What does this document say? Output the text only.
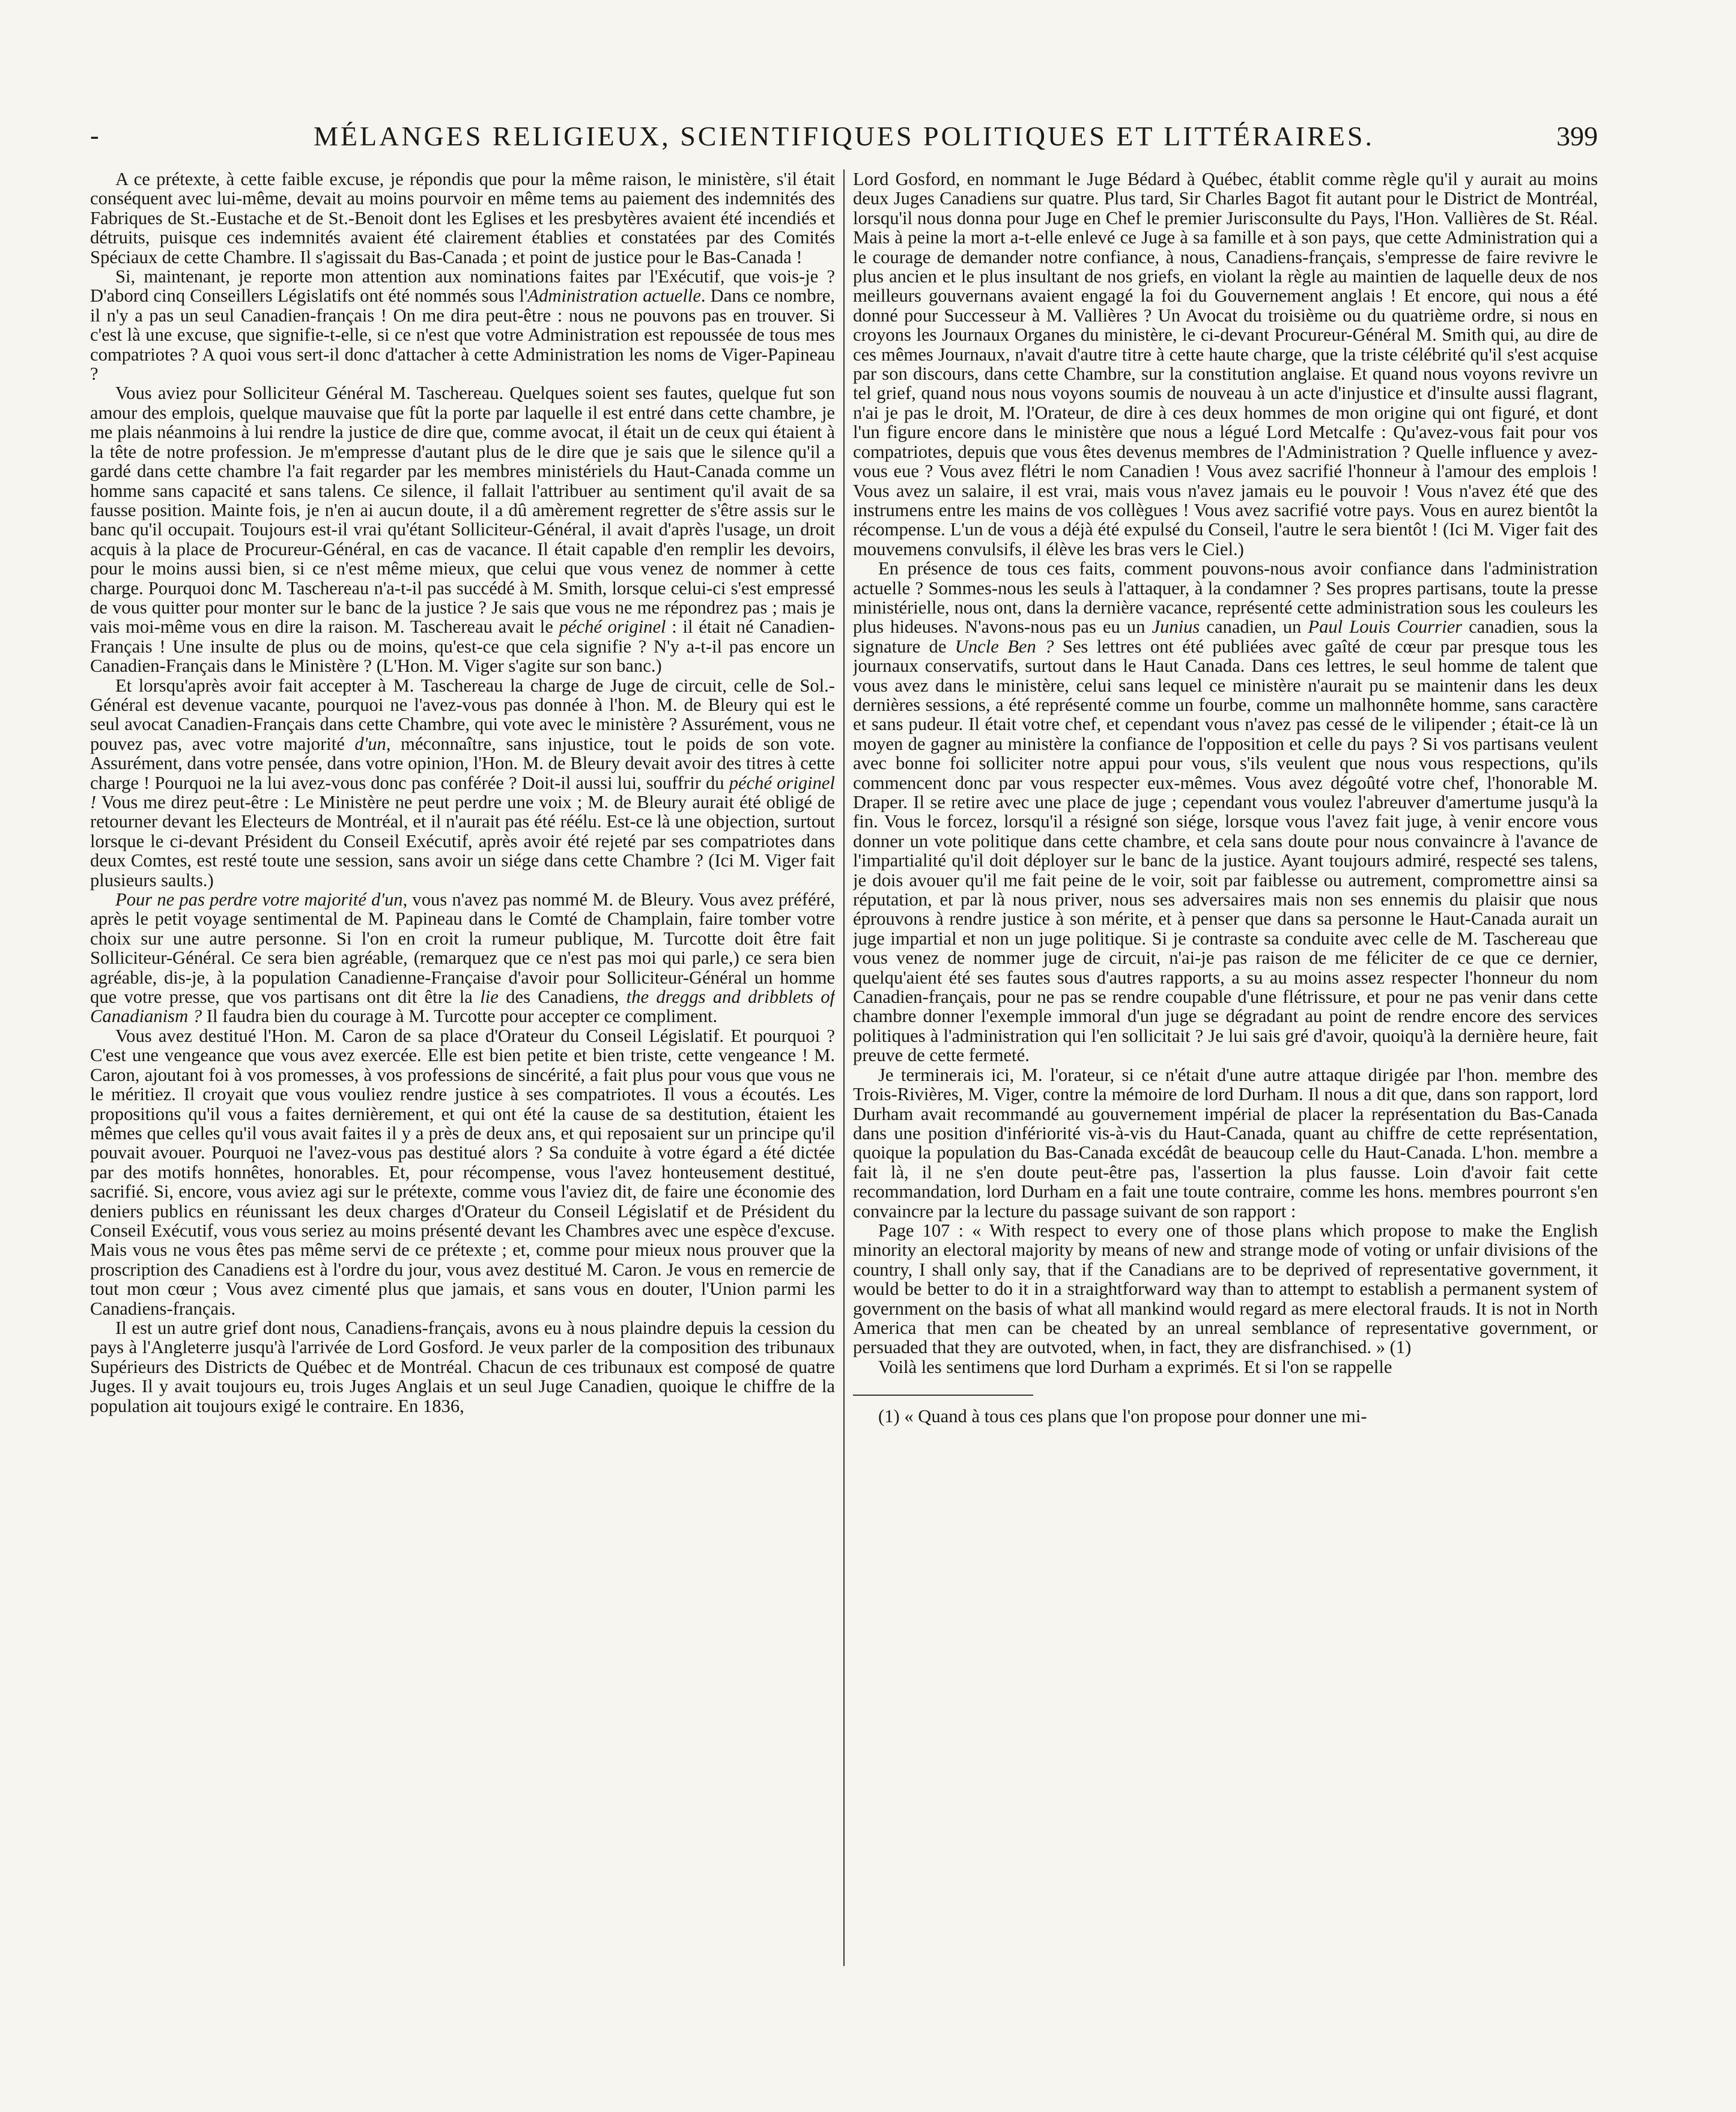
-	MÉLANGES RELIGIEUX, SCIENTIFIQUES POLITIQUES ET LITTÉRAIRES.	399

A ce prétexte, à cette faible excuse, je répondis que pour la même raison, le ministère, s'il était conséquent avec lui-même, devait au moins pourvoir en même tems au paiement des indemnités des Fabriques de St.-Eustache et de St.-Benoit dont les Eglises et les presbytères avaient été incendiés et détruits, puisque ces indemnités avaient été clairement établies et constatées par des Comités Spéciaux de cette Chambre. Il s'agissait du Bas-Canada ; et point de justice pour le Bas-Canada !

Si, maintenant, je reporte mon attention aux nominations faites par l'Exécutif, que vois-je ? D'abord cinq Conseillers Législatifs ont été nommés sous l'Administration actuelle. Dans ce nombre, il n'y a pas un seul Canadien-français ! On me dira peut-être : nous ne pouvons pas en trouver. Si c'est là une excuse, que signifie-t-elle, si ce n'est que votre Administration est repoussée de tous mes compatriotes ? A quoi vous sert-il donc d'attacher à cette Administration les noms de Viger-Papineau ?

Vous aviez pour Solliciteur Général M. Taschereau. Quelques soient ses fautes, quelque fut son amour des emplois, quelque mauvaise que fût la porte par laquelle il est entré dans cette chambre, je me plais néanmoins à lui rendre la justice de dire que, comme avocat, il était un de ceux qui étaient à la tête de notre profession. Je m'empresse d'autant plus de le dire que je sais que le silence qu'il a gardé dans cette chambre l'a fait regarder par les membres ministériels du Haut-Canada comme un homme sans capacité et sans talens. Ce silence, il fallait l'attribuer au sentiment qu'il avait de sa fausse position. Mainte fois, je n'en ai aucun doute, il a dû amèrement regretter de s'être assis sur le banc qu'il occupait. Toujours est-il vrai qu'étant Solliciteur-Général, il avait d'après l'usage, un droit acquis à la place de Procureur-Général, en cas de vacance. Il était capable d'en remplir les devoirs, pour le moins aussi bien, si ce n'est même mieux, que celui que vous venez de nommer à cette charge. Pourquoi donc M. Taschereau n'a-t-il pas succédé à M. Smith, lorsque celui-ci s'est empressé de vous quitter pour monter sur le banc de la justice ? Je sais que vous ne me répondrez pas ; mais je vais moi-même vous en dire la raison. M. Taschereau avait le péché originel : il était né Canadien-Français ! Une insulte de plus ou de moins, qu'est-ce que cela signifie ? N'y a-t-il pas encore un Canadien-Français dans le Ministère ? (L'Hon. M. Viger s'agite sur son banc.)

Et lorsqu'après avoir fait accepter à M. Taschereau la charge de Juge de circuit, celle de Sol.-Général est devenue vacante, pourquoi ne l'avez-vous pas donnée à l'hon. M. de Bleury qui est le seul avocat Canadien-Français dans cette Chambre, qui vote avec le ministère ? Assurément, vous ne pouvez pas, avec votre majorité d'un, méconnaître, sans injustice, tout le poids de son vote. Assurément, dans votre pensée, dans votre opinion, l'Hon. M. de Bleury devait avoir des titres à cette charge ! Pourquoi ne la lui avez-vous donc pas conférée ? Doit-il aussi lui, souffrir du péché originel ! Vous me direz peut-être : Le Ministère ne peut perdre une voix ; M. de Bleury aurait été obligé de retourner devant les Electeurs de Montréal, et il n'aurait pas été réélu. Est-ce là une objection, surtout lorsque le ci-devant Président du Conseil Exécutif, après avoir été rejeté par ses compatriotes dans deux Comtes, est resté toute une session, sans avoir un siége dans cette Chambre ? (Ici M. Viger fait plusieurs saults.)

Pour ne pas perdre votre majorité d'un, vous n'avez pas nommé M. de Bleury. Vous avez préféré, après le petit voyage sentimental de M. Papineau dans le Comté de Champlain, faire tomber votre choix sur une autre personne. Si l'on en croit la rumeur publique, M. Turcotte doit être fait Solliciteur-Général. Ce sera bien agréable, (remarquez que ce n'est pas moi qui parle,) ce sera bien agréable, dis-je, à la population Canadienne-Française d'avoir pour Solliciteur-Général un homme que votre presse, que vos partisans ont dit être la lie des Canadiens, the dreggs and dribblets of Canadianism ? Il faudra bien du courage à M. Turcotte pour accepter ce compliment.

Vous avez destitué l'Hon. M. Caron de sa place d'Orateur du Conseil Législatif. Et pourquoi ? C'est une vengeance que vous avez exercée. Elle est bien petite et bien triste, cette vengeance ! M. Caron, ajoutant foi à vos promesses, à vos professions de sincérité, a fait plus pour vous que vous ne le méritiez. Il croyait que vous vouliez rendre justice à ses compatriotes. Il vous a écoutés. Les propositions qu'il vous a faites dernièrement, et qui ont été la cause de sa destitution, étaient les mêmes que celles qu'il vous avait faites il y a près de deux ans, et qui reposaient sur un principe qu'il pouvait avouer. Pourquoi ne l'avez-vous pas destitué alors ? Sa conduite à votre égard a été dictée par des motifs honnêtes, honorables. Et, pour récompense, vous l'avez honteusement destitué, sacrifié. Si, encore, vous aviez agi sur le prétexte, comme vous l'aviez dit, de faire une économie des deniers publics en réunissant les deux charges d'Orateur du Conseil Législatif et de Président du Conseil Exécutif, vous vous seriez au moins présenté devant les Chambres avec une espèce d'excuse. Mais vous ne vous êtes pas même servi de ce prétexte ; et, comme pour mieux nous prouver que la proscription des Canadiens est à l'ordre du jour, vous avez destitué M. Caron. Je vous en remercie de tout mon cœur ; Vous avez cimenté plus que jamais, et sans vous en douter, l'Union parmi les Canadiens-français.

Il est un autre grief dont nous, Canadiens-français, avons eu à nous plaindre depuis la cession du pays à l'Angleterre jusqu'à l'arrivée de Lord Gosford. Je veux parler de la composition des tribunaux Supérieurs des Districts de Québec et de Montréal. Chacun de ces tribunaux est composé de quatre Juges. Il y avait toujours eu, trois Juges Anglais et un seul Juge Canadien, quoique le chiffre de la population ait toujours exigé le contraire. En 1836,

Lord Gosford, en nommant le Juge Bédard à Québec, établit comme règle qu'il y aurait au moins deux Juges Canadiens sur quatre. Plus tard, Sir Charles Bagot fit autant pour le District de Montréal, lorsqu'il nous donna pour Juge en Chef le premier Jurisconsulte du Pays, l'Hon. Vallières de St. Réal. Mais à peine la mort a-t-elle enlevé ce Juge à sa famille et à son pays, que cette Administration qui a le courage de demander notre confiance, à nous, Canadiens-français, s'empresse de faire revivre le plus ancien et le plus insultant de nos griefs, en violant la règle au maintien de laquelle deux de nos meilleurs gouvernans avaient engagé la foi du Gouvernement anglais ! Et encore, qui nous a été donné pour Successeur à M. Vallières ? Un Avocat du troisième ou du quatrième ordre, si nous en croyons les Journaux Organes du ministère, le ci-devant Procureur-Général M. Smith qui, au dire de ces mêmes Journaux, n'avait d'autre titre à cette haute charge, que la triste célébrité qu'il s'est acquise par son discours, dans cette Chambre, sur la constitution anglaise. Et quand nous voyons revivre un tel grief, quand nous nous voyons soumis de nouveau à un acte d'injustice et d'insulte aussi flagrant, n'ai je pas le droit, M. l'Orateur, de dire à ces deux hommes de mon origine qui ont figuré, et dont l'un figure encore dans le ministère que nous a légué Lord Metcalfe : Qu'avez-vous fait pour vos compatriotes, depuis que vous êtes devenus membres de l'Administration ? Quelle influence y avez-vous eue ? Vous avez flétri le nom Canadien ! Vous avez sacrifié l'honneur à l'amour des emplois ! Vous avez un salaire, il est vrai, mais vous n'avez jamais eu le pouvoir ! Vous n'avez été que des instrumens entre les mains de vos collègues ! Vous avez sacrifié votre pays. Vous en aurez bientôt la récompense. L'un de vous a déjà été expulsé du Conseil, l'autre le sera bientôt ! (Ici M. Viger fait des mouvemens convulsifs, il élève les bras vers le Ciel.)

En présence de tous ces faits, comment pouvons-nous avoir confiance dans l'administration actuelle ? Sommes-nous les seuls à l'attaquer, à la condamner ? Ses propres partisans, toute la presse ministérielle, nous ont, dans la dernière vacance, représenté cette administration sous les couleurs les plus hideuses. N'avons-nous pas eu un Junius canadien, un Paul Louis Courrier canadien, sous la signature de Uncle Ben ? Ses lettres ont été publiées avec gaîté de cœur par presque tous les journaux conservatifs, surtout dans le Haut Canada. Dans ces lettres, le seul homme de talent que vous avez dans le ministère, celui sans lequel ce ministère n'aurait pu se maintenir dans les deux dernières sessions, a été représenté comme un fourbe, comme un malhonnête homme, sans caractère et sans pudeur. Il était votre chef, et cependant vous n'avez pas cessé de le vilipender ; était-ce là un moyen de gagner au ministère la confiance de l'opposition et celle du pays ? Si vos partisans veulent avec bonne foi solliciter notre appui pour vous, s'ils veulent que nous vous respections, qu'ils commencent donc par vous respecter eux-mêmes. Vous avez dégoûté votre chef, l'honorable M. Draper. Il se retire avec une place de juge ; cependant vous voulez l'abreuver d'amertume jusqu'à la fin. Vous le forcez, lorsqu'il a résigné son siége, lorsque vous l'avez fait juge, à venir encore vous donner un vote politique dans cette chambre, et cela sans doute pour nous convaincre à l'avance de l'impartialité qu'il doit déployer sur le banc de la justice. Ayant toujours admiré, respecté ses talens, je dois avouer qu'il me fait peine de le voir, soit par faiblesse ou autrement, compromettre ainsi sa réputation, et par là nous priver, nous ses adversaires mais non ses ennemis du plaisir que nous éprouvons à rendre justice à son mérite, et à penser que dans sa personne le Haut-Canada aurait un juge impartial et non un juge politique. Si je contraste sa conduite avec celle de M. Taschereau que vous venez de nommer juge de circuit, n'ai-je pas raison de me féliciter de ce que ce dernier, quelqu'aient été ses fautes sous d'autres rapports, a su au moins assez respecter l'honneur du nom Canadien-français, pour ne pas se rendre coupable d'une flétrissure, et pour ne pas venir dans cette chambre donner l'exemple immoral d'un juge se dégradant au point de rendre encore des services politiques à l'administration qui l'en sollicitait ? Je lui sais gré d'avoir, quoiqu'à la dernière heure, fait preuve de cette fermeté.

Je terminerais ici, M. l'orateur, si ce n'était d'une autre attaque dirigée par l'hon. membre des Trois-Rivières, M. Viger, contre la mémoire de lord Durham. Il nous a dit que, dans son rapport, lord Durham avait recommandé au gouvernement impérial de placer la représentation du Bas-Canada dans une position d'infériorité vis-à-vis du Haut-Canada, quant au chiffre de cette représentation, quoique la population du Bas-Canada excédât de beaucoup celle du Haut-Canada. L'hon. membre a fait là, il ne s'en doute peut-être pas, l'assertion la plus fausse. Loin d'avoir fait cette recommandation, lord Durham en a fait une toute contraire, comme les hons. membres pourront s'en convaincre par la lecture du passage suivant de son rapport :

Page 107 : « With respect to every one of those plans which propose to make the English minority an electoral majority by means of new and strange mode of voting or unfair divisions of the country, I shall only say, that if the Canadians are to be deprived of representative government, it would be better to do it in a straightforward way than to attempt to establish a permanent system of government on the basis of what all mankind would regard as mere electoral frauds. It is not in North America that men can be cheated by an unreal semblance of representative government, or persuaded that they are outvoted, when, in fact, they are disfranchised. » (1)

Voilà les sentimens que lord Durham a exprimés. Et si l'on se rappelle

(1) « Quand à tous ces plans que l'on propose pour donner une mi-
